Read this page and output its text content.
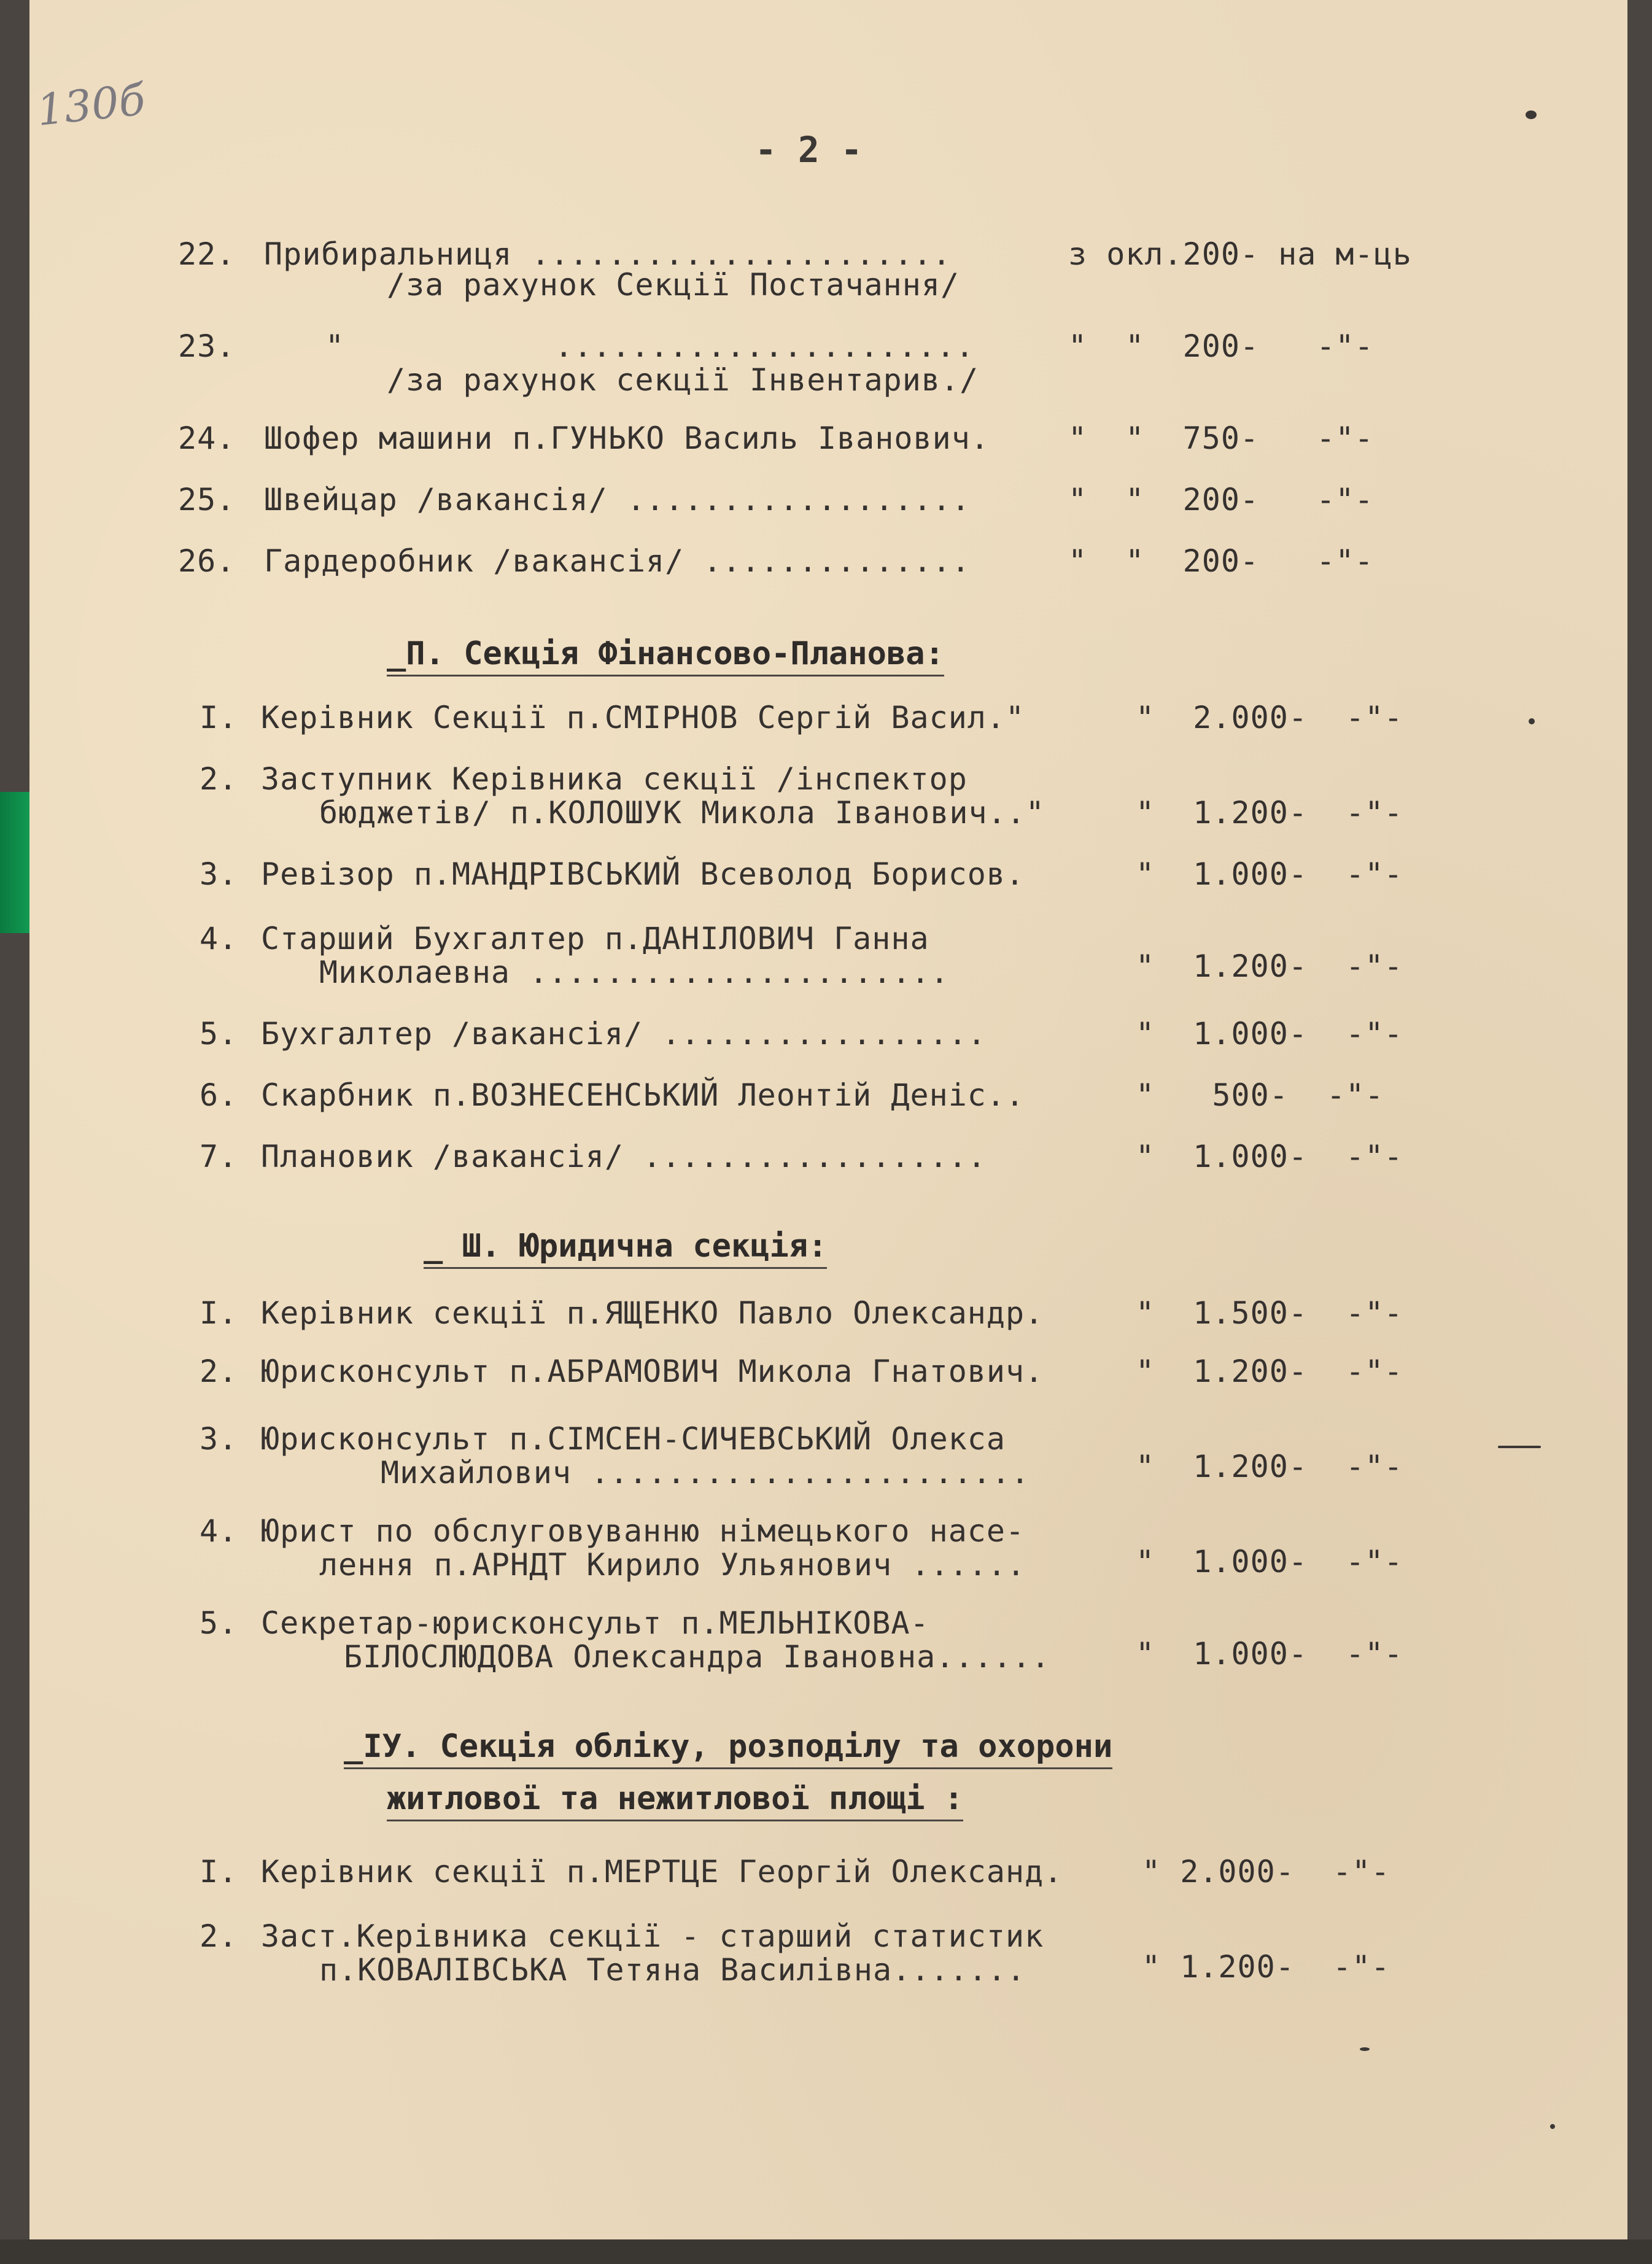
130б
- 2 -
22. Прибиральниця ......................	з окл.200- на м-ць
/за рахунок Секції Постачання/
23.	"           ......................	"  "  200-   -"-
/за рахунок секції Інвентарив./
24. Шофер машини п.ГУНЬКО Василь Іванович.	"  "  750-   -"-
25. Швейцар /вакансія/ ..................	"  "  200-   -"-
26. Гардеробник /вакансія/ ..............	"  "  200-   -"-
_П. Секція Фінансово-Планова:
І. Керівник Секції п.СМІРНОВ Сергій Васил."	"  2.000-  -"-
2. Заступник Керівника секції /інспектор
бюджетів/ п.КОЛОШУК Микола Іванович.."	"  1.200-  -"-
3. Ревізор п.МАНДРІВСЬКИЙ Всеволод Борисов.	"  1.000-  -"-
4. Старший Бухгалтер п.ДАНІЛОВИЧ Ганна
Миколаевна ......................	"  1.200-  -"-
5. Бухгалтер /вакансія/ .................	"  1.000-  -"-
6. Скарбник п.ВОЗНЕСЕНСЬКИЙ Леонтій Деніс..	"   500-  -"-
7. Плановик /вакансія/ ..................	"  1.000-  -"-
_ Ш. Юридична секція:
І. Керівник секції п.ЯЩЕНКО Павло Олександр.	"  1.500-  -"-
2. Юрисконсульт п.АБРАМОВИЧ Микола Гнатович.	"  1.200-  -"-
3. Юрисконсульт п.СІМСЕН-СИЧЕВСЬКИЙ Олекса
Михайлович .......................	"  1.200-  -"-
4. Юрист по обслуговуванню німецького насе-
лення п.АРНДТ Кирило Ульянович ......	"  1.000-  -"-
5. Секретар-юрисконсульт п.МЕЛЬНІКОВА-
БІЛОСЛЮДОВА Олександра Івановна......	"  1.000-  -"-
_ІУ. Секція обліку, розподілу та охорони
житлової та нежитлової площі :
І. Керівник секції п.МЕРТЦЕ Георгій Олександ.	" 2.000-  -"-
2. Заст.Керівника секції - старший статистик
п.КОВАЛІВСЬКА Тетяна Василівна.......	" 1.200-  -"-
